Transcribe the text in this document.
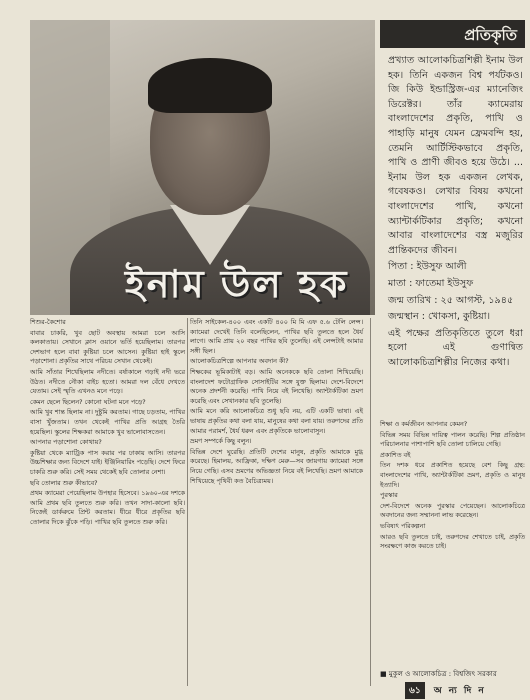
ইনাম উল হক
প্রতিকৃতি

প্রখ্যাত আলোকচিত্রশিল্পী ইনাম উল হক। তিনি একজন বিশ্ব পর্যটকও। জি কিউ ইন্ডাস্ট্রিজ-এর ম্যানেজিং ডিরেক্টর। তাঁর ক্যামেরায় বাংলাদেশের প্রকৃতি, পাখি ও পাহাড়ি মানুষ যেমন ফ্রেমবন্দি হয়, তেমনি আর্টিস্টিকভাবে প্রকৃতি, পাখি ও প্রাণী জীবও হয়ে উঠে। ... ইনাম উল হক একজন লেখক, গবেষকও। লেখার বিষয় কখনো বাংলাদেশের পাখি, কখনো অ্যান্টার্কটিকার প্রকৃতি; কখনো আবার বাংলাদেশের বস্ত্র মজুরির প্রান্তিকদের জীবন।

পিতা : ইউসুফ আলী

মাতা : ফাতেমা ইউসুফ

জন্ম তারিখ : ২৫ আগস্ট, ১৯৪৫

জন্মস্থান : খোকসা, কুষ্টিয়া।

এই পক্ষের প্রতিকৃতিতে তুলে ধরা হলো এই গুণান্বিত আলোকচিত্রশিল্পীর নিজের কথা।

শিশুর-কৈশোর

বাবার চাকরি, খুব ছোট অবস্থায় আমরা চলে আসি কলকাতায়। সেখানে ক্লাস ওয়ানে ভর্তি হয়েছিলাম। তারপর দেশভাগ হলে বাবা কুষ্টিয়া চলে আসেন। কুষ্টিয়া হাই স্কুলে পড়াশোনা। প্রকৃতির সাথে পরিচয় সেখান থেকেই।

আমি সাঁতার শিখেছিলাম নদীতে। বর্ষাকালে গড়াই নদী ভরে উঠত। নদীতে নৌকা বাইচ হতো। আমরা দল বেঁধে দেখতে যেতাম। সেই স্মৃতি এখনও মনে পড়ে।

কেমন ছেলে ছিলেন? কোনো ঘটনা মনে পড়ে?

আমি খুব শান্ত ছিলাম না। দুষ্টুমি করতাম। গাছে চড়তাম, পাখির বাসা খুঁজতাম। তখন থেকেই পাখির প্রতি আগ্রহ তৈরি হয়েছিল। স্কুলের শিক্ষকরা আমাকে খুব ভালোবাসতেন।

আপনার পড়াশোনা কোথায়?

কুষ্টিয়া থেকে ম্যাট্রিক পাস করার পর ঢাকায় আসি। তারপর উচ্চশিক্ষার জন্য বিদেশে যাই। ইঞ্জিনিয়ারিং পড়েছি। দেশে ফিরে চাকরি শুরু করি। সেই সময় থেকেই ছবি তোলার নেশা।

ছবি তোলার শুরু কীভাবে?

প্রথম ক্যামেরা পেয়েছিলাম উপহার হিসেবে। ১৯৬০-এর দশকে আমি প্রথম ছবি তুলতে শুরু করি। তখন সাদা-কালো ছবি। নিজেই ডার্করুমে প্রিন্ট করতাম। ধীরে ধীরে প্রকৃতির ছবি তোলার দিকে ঝুঁকে পড়ি। পাখির ছবি তুলতে শুরু করি।

তিনি সাইকেল-৪০০ এবং একটি ৪০০ মি মি এফ ৫.৬ টেলি লেন্স। ক্যামেরা দেখেই তিনি বলেছিলেন, পাখির ছবি তুলতে হলে ধৈর্য লাগে। আমি প্রায় ২০ বছর পাখির ছবি তুলেছি। এই লেন্সটাই আমার সঙ্গী ছিল।

আলোকচিত্রশিল্পে আপনার অবদান কী?

শিক্ষকের ভূমিকাটাই বড়। আমি অনেককে ছবি তোলা শিখিয়েছি। বাংলাদেশ ফটোগ্রাফিক সোসাইটির সঙ্গে যুক্ত ছিলাম। দেশে-বিদেশে অনেক প্রদর্শনী করেছি। পাখি নিয়ে বই লিখেছি। অ্যান্টার্কটিকা ভ্রমণ করেছি এবং সেখানকার ছবি তুলেছি।

আমি মনে করি আলোকচিত্র শুধু ছবি নয়, এটি একটি ভাষা। এই ভাষায় প্রকৃতির কথা বলা যায়, মানুষের কথা বলা যায়। তরুণদের প্রতি আমার পরামর্শ, ধৈর্য ধরুন এবং প্রকৃতিকে ভালোবাসুন।

ভ্রমণ সম্পর্কে কিছু বলুন।

বিভিন্ন দেশে ঘুরেছি। প্রতিটি দেশের মানুষ, প্রকৃতি আমাকে মুগ্ধ করেছে। হিমালয়, আফ্রিকা, দক্ষিণ মেরু—সব জায়গায় ক্যামেরা সঙ্গে নিয়ে গেছি। এসব ভ্রমণের অভিজ্ঞতা নিয়ে বই লিখেছি। ভ্রমণ আমাকে শিখিয়েছে পৃথিবী কত বৈচিত্র্যময়।

শিক্ষা ও কর্মজীবন আপনার কেমন?

বিভিন্ন সময় বিভিন্ন দায়িত্ব পালন করেছি। শিল্প প্রতিষ্ঠান পরিচালনার পাশাপাশি ছবি তোলা চালিয়ে গেছি।

প্রকাশিত বই

তিন দশক ধরে প্রকাশিত হয়েছে বেশ কিছু গ্রন্থ: বাংলাদেশের পাখি, অ্যান্টার্কটিকা ভ্রমণ, প্রকৃতি ও মানুষ ইত্যাদি।

পুরস্কার

দেশ-বিদেশে অনেক পুরস্কার পেয়েছেন। আলোকচিত্রে অবদানের জন্য সম্মাননা লাভ করেছেন।

ভবিষ্যৎ পরিকল্পনা

আরও ছবি তুলতে চাই, তরুণদের শেখাতে চাই, প্রকৃতি সংরক্ষণে কাজ করতে চাই।

■ মুকুল ও আলোকচিত্র : বিশ্বজিৎ সরকার
৬১ অ ন্য দি ন
